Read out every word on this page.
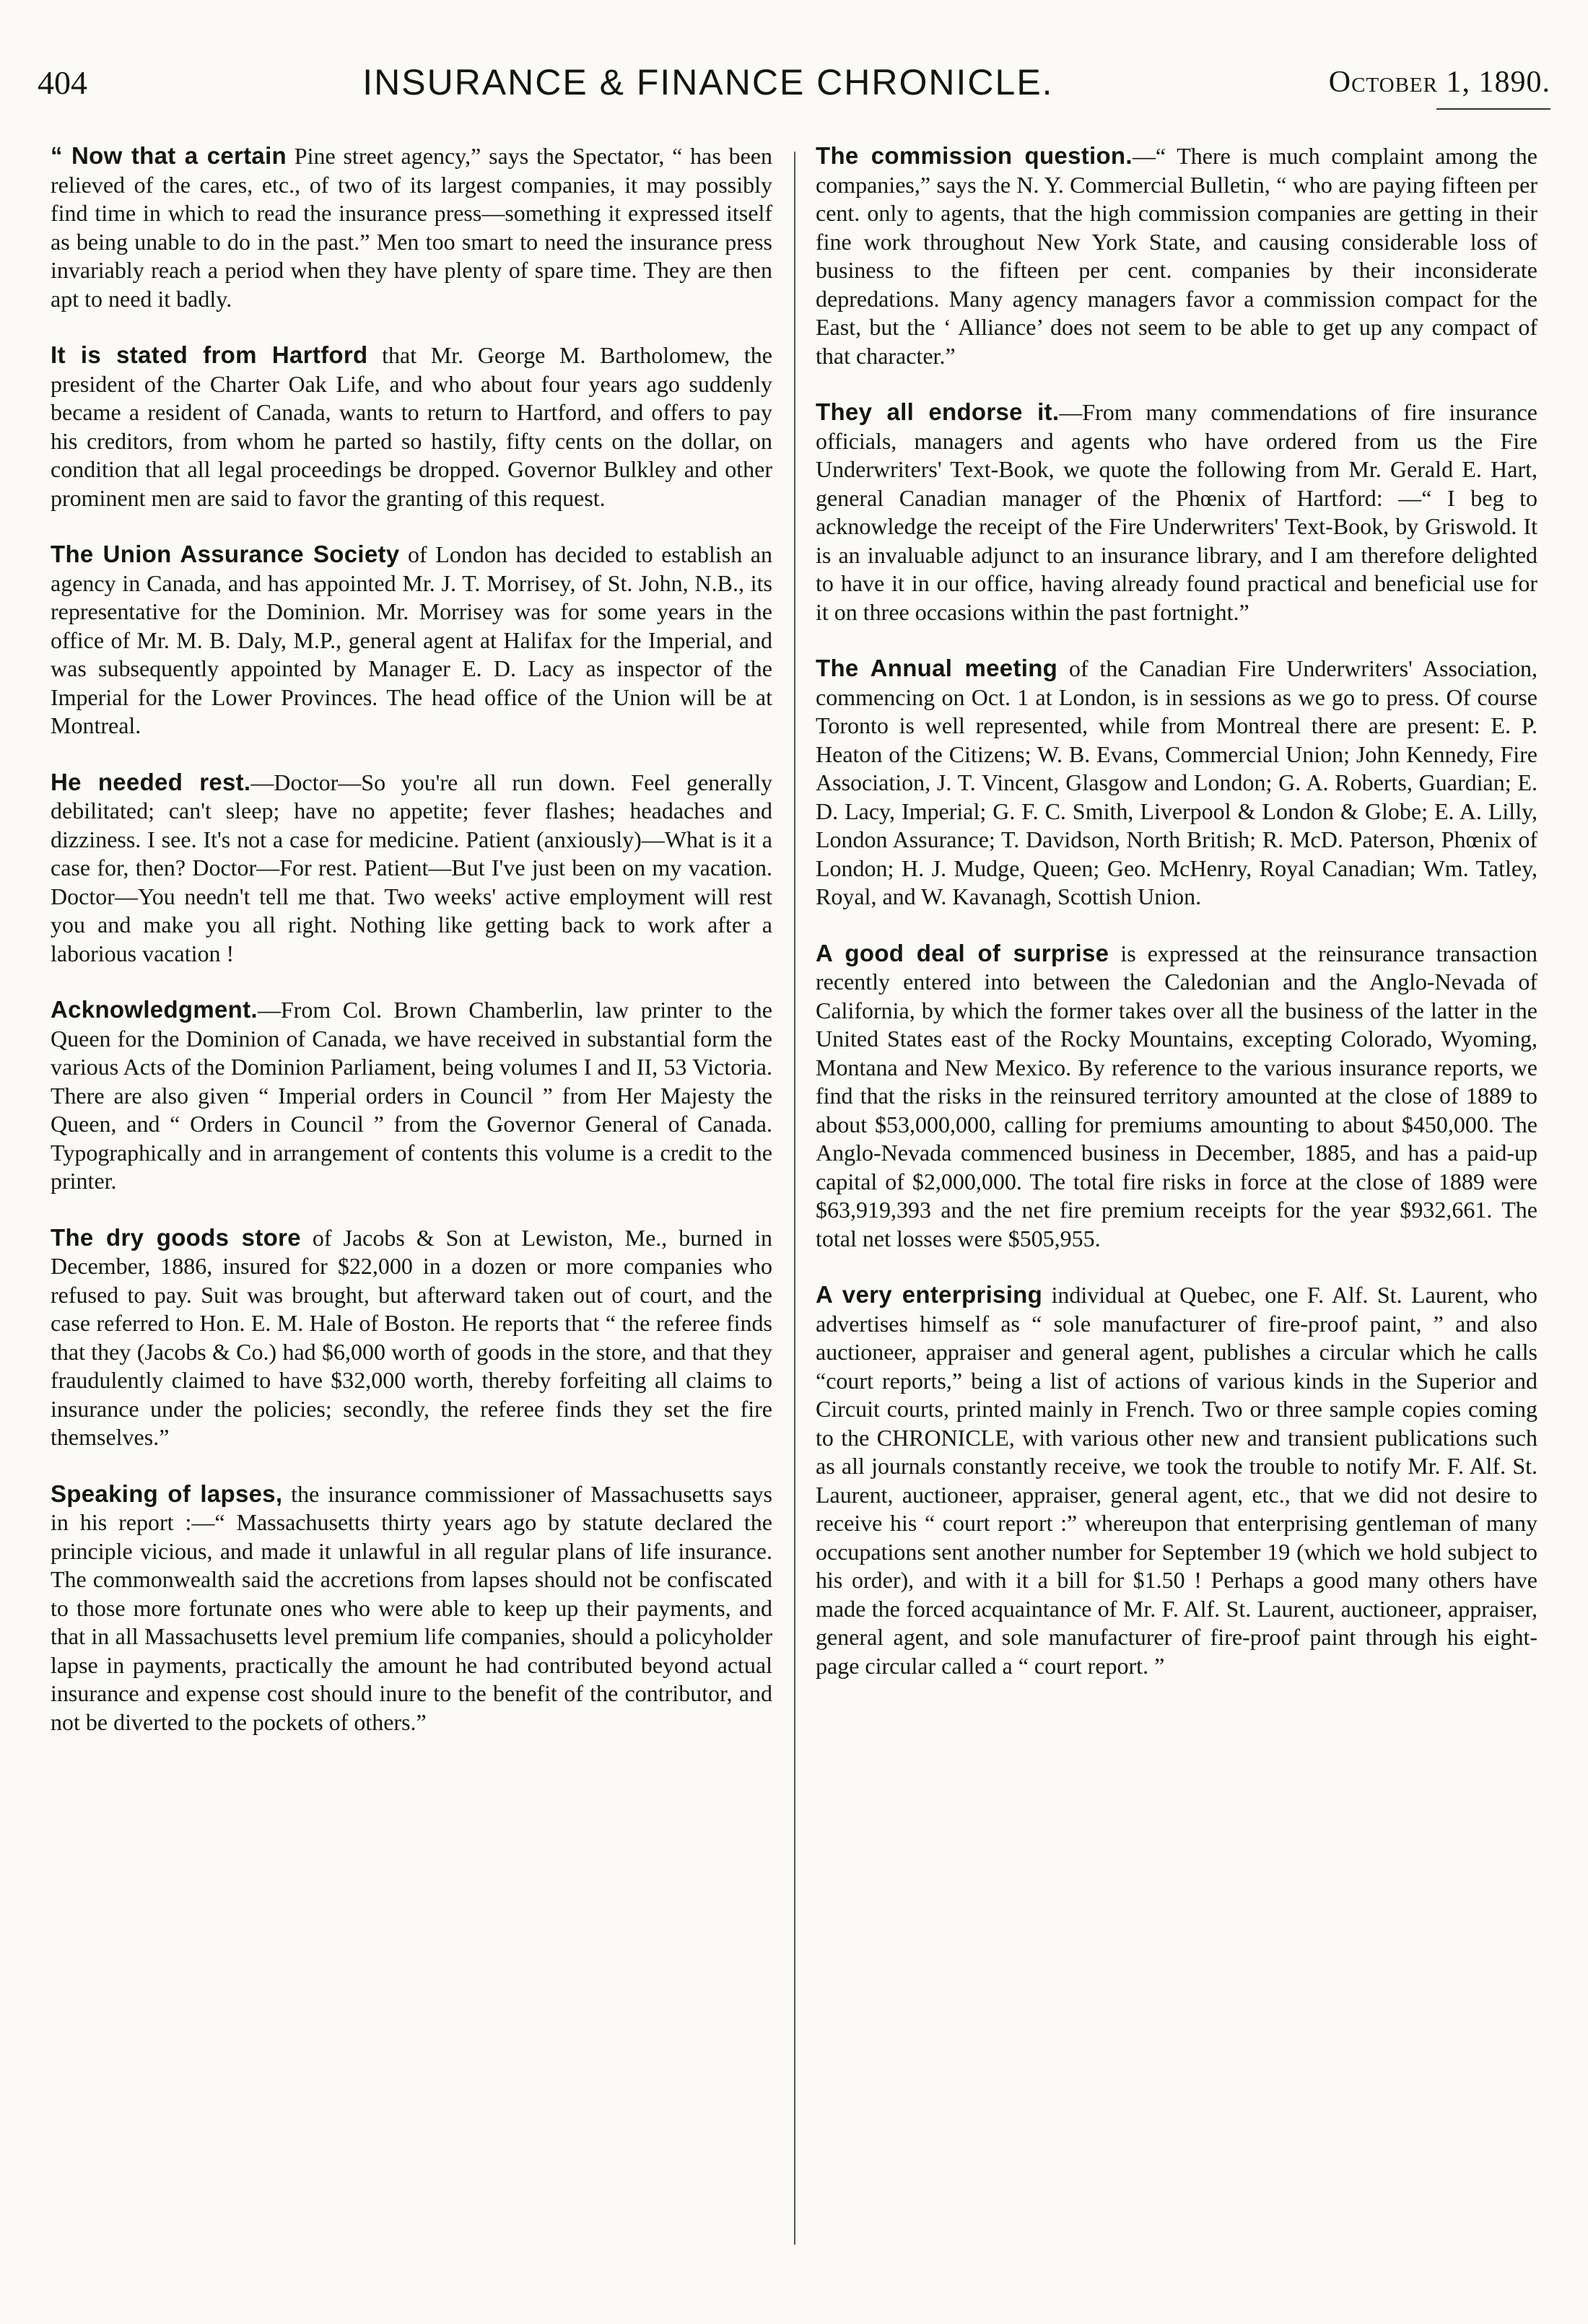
404	INSURANCE & FINANCE CHRONICLE.	October 1, 1890.

“ Now that a certain Pine street agency,” says the Spectator, “ has been relieved of the cares, etc., of two of its largest companies, it may possibly find time in which to read the insurance press—something it expressed itself as being unable to do in the past.” Men too smart to need the insurance press invariably reach a period when they have plenty of spare time. They are then apt to need it badly.

It is stated from Hartford that Mr. George M. Bartholomew, the president of the Charter Oak Life, and who about four years ago suddenly became a resident of Canada, wants to return to Hartford, and offers to pay his creditors, from whom he parted so hastily, fifty cents on the dollar, on condition that all legal proceedings be dropped. Governor Bulkley and other prominent men are said to favor the granting of this request.

The Union Assurance Society of London has decided to establish an agency in Canada, and has appointed Mr. J. T. Morrisey, of St. John, N.B., its representative for the Dominion. Mr. Morrisey was for some years in the office of Mr. M. B. Daly, M.P., general agent at Halifax for the Imperial, and was subsequently appointed by Manager E. D. Lacy as inspector of the Imperial for the Lower Provinces. The head office of the Union will be at Montreal.

He needed rest.—Doctor—So you're all run down. Feel generally debilitated; can't sleep; have no appetite; fever flashes; headaches and dizziness. I see. It's not a case for medicine. Patient (anxiously)—What is it a case for, then? Doctor—For rest. Patient—But I've just been on my vacation. Doctor—You needn't tell me that. Two weeks' active employment will rest you and make you all right. Nothing like getting back to work after a laborious vacation !

Acknowledgment.—From Col. Brown Chamberlin, law printer to the Queen for the Dominion of Canada, we have received in substantial form the various Acts of the Dominion Parliament, being volumes I and II, 53 Victoria. There are also given “ Imperial orders in Council ” from Her Majesty the Queen, and “ Orders in Council ” from the Governor General of Canada. Typographically and in arrangement of contents this volume is a credit to the printer.

The dry goods store of Jacobs & Son at Lewiston, Me., burned in December, 1886, insured for $22,000 in a dozen or more companies who refused to pay. Suit was brought, but afterward taken out of court, and the case referred to Hon. E. M. Hale of Boston. He reports that “ the referee finds that they (Jacobs & Co.) had $6,000 worth of goods in the store, and that they fraudulently claimed to have $32,000 worth, thereby forfeiting all claims to insurance under the policies; secondly, the referee finds they set the fire themselves.”

Speaking of lapses, the insurance commissioner of Massachusetts says in his report :—“ Massachusetts thirty years ago by statute declared the principle vicious, and made it unlawful in all regular plans of life insurance. The commonwealth said the accretions from lapses should not be confiscated to those more fortunate ones who were able to keep up their payments, and that in all Massachusetts level premium life companies, should a policyholder lapse in payments, practically the amount he had contributed beyond actual insurance and expense cost should inure to the benefit of the contributor, and not be diverted to the pockets of others.”

The commission question.—“ There is much complaint among the companies,” says the N. Y. Commercial Bulletin, “ who are paying fifteen per cent. only to agents, that the high commission companies are getting in their fine work throughout New York State, and causing considerable loss of business to the fifteen per cent. companies by their inconsiderate depredations. Many agency managers favor a commission compact for the East, but the ‘ Alliance’ does not seem to be able to get up any compact of that character.”

They all endorse it.—From many commendations of fire insurance officials, managers and agents who have ordered from us the Fire Underwriters' Text-Book, we quote the following from Mr. Gerald E. Hart, general Canadian manager of the Phœnix of Hartford: —“ I beg to acknowledge the receipt of the Fire Underwriters' Text-Book, by Griswold. It is an invaluable adjunct to an insurance library, and I am therefore delighted to have it in our office, having already found practical and beneficial use for it on three occasions within the past fortnight.”

The Annual meeting of the Canadian Fire Underwriters' Association, commencing on Oct. 1 at London, is in sessions as we go to press. Of course Toronto is well represented, while from Montreal there are present: E. P. Heaton of the Citizens; W. B. Evans, Commercial Union; John Kennedy, Fire Association, J. T. Vincent, Glasgow and London; G. A. Roberts, Guardian; E. D. Lacy, Imperial; G. F. C. Smith, Liverpool & London & Globe; E. A. Lilly, London Assurance; T. Davidson, North British; R. McD. Paterson, Phœnix of London; H. J. Mudge, Queen; Geo. McHenry, Royal Canadian; Wm. Tatley, Royal, and W. Kavanagh, Scottish Union.

A good deal of surprise is expressed at the reinsurance transaction recently entered into between the Caledonian and the Anglo-Nevada of California, by which the former takes over all the business of the latter in the United States east of the Rocky Mountains, excepting Colorado, Wyoming, Montana and New Mexico. By reference to the various insurance reports, we find that the risks in the reinsured territory amounted at the close of 1889 to about $53,000,000, calling for premiums amounting to about $450,000. The Anglo-Nevada commenced business in December, 1885, and has a paid-up capital of $2,000,000. The total fire risks in force at the close of 1889 were $63,919,393 and the net fire premium receipts for the year $932,661. The total net losses were $505,955.

A very enterprising individual at Quebec, one F. Alf. St. Laurent, who advertises himself as “ sole manufacturer of fire-proof paint, ” and also auctioneer, appraiser and general agent, publishes a circular which he calls “court reports,” being a list of actions of various kinds in the Superior and Circuit courts, printed mainly in French. Two or three sample copies coming to the CHRONICLE, with various other new and transient publications such as all journals constantly receive, we took the trouble to notify Mr. F. Alf. St. Laurent, auctioneer, appraiser, general agent, etc., that we did not desire to receive his “ court report :” whereupon that enterprising gentleman of many occupations sent another number for September 19 (which we hold subject to his order), and with it a bill for $1.50 ! Perhaps a good many others have made the forced acquaintance of Mr. F. Alf. St. Laurent, auctioneer, appraiser, general agent, and sole manufacturer of fire-proof paint through his eight-page circular called a “ court report. ”
